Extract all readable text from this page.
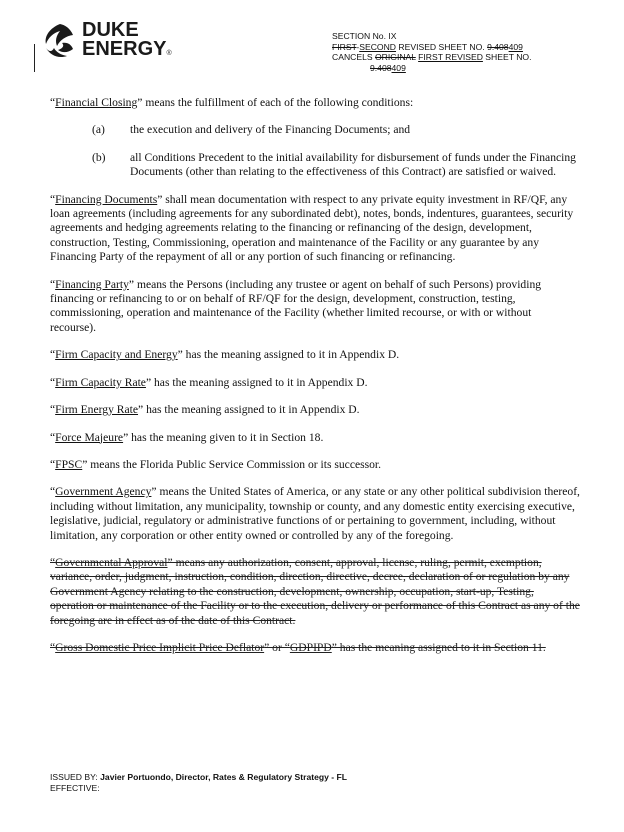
DUKE
ENERGY®
SECTION No. IX
FIRST-SECOND REVISED SHEET NO. 9.408409
CANCELS ORIGINAL FIRST REVISED SHEET NO.
9.408409

“Financial Closing” means the fulfillment of each of the following conditions:

(a) the execution and delivery of the Financing Documents; and
(b) all Conditions Precedent to the initial availability for disbursement of funds under the Financing Documents (other than relating to the effectiveness of this Contract) are satisfied or waived.

“Financing Documents” shall mean documentation with respect to any private equity investment in RF/QF, any loan agreements (including agreements for any subordinated debt), notes, bonds, indentures, guarantees, security agreements and hedging agreements relating to the financing or refinancing of the design, development, construction, Testing, Commissioning, operation and maintenance of the Facility or any guarantee by any Financing Party of the repayment of all or any portion of such financing or refinancing.

“Financing Party” means the Persons (including any trustee or agent on behalf of such Persons) providing financing or refinancing to or on behalf of RF/QF for the design, development, construction, testing, commissioning, operation and maintenance of the Facility (whether limited recourse, or with or without recourse).

“Firm Capacity and Energy” has the meaning assigned to it in Appendix D.

“Firm Capacity Rate” has the meaning assigned to it in Appendix D.

“Firm Energy Rate” has the meaning assigned to it in Appendix D.

“Force Majeure” has the meaning given to it in Section 18.

“FPSC” means the Florida Public Service Commission or its successor.

“Government Agency” means the United States of America, or any state or any other political subdivision thereof, including without limitation, any municipality, township or county, and any domestic entity exercising executive, legislative, judicial, regulatory or administrative functions of or pertaining to government, including, without limitation, any corporation or other entity owned or controlled by any of the foregoing.

“Governmental Approval” means any authorization, consent, approval, license, ruling, permit, exemption, variance, order, judgment, instruction, condition, direction, directive, decree, declaration of or regulation by any Government Agency relating to the construction, development, ownership, occupation, start-up, Testing, operation or maintenance of the Facility or to the execution, delivery or performance of this Contract as any of the foregoing are in effect as of the date of this Contract.

“Gross Domestic Price Implicit Price Deflator” or “GDPIPD” has the meaning assigned to it in Section 11.

ISSUED BY: Javier Portuondo, Director, Rates & Regulatory Strategy - FL
EFFECTIVE:
